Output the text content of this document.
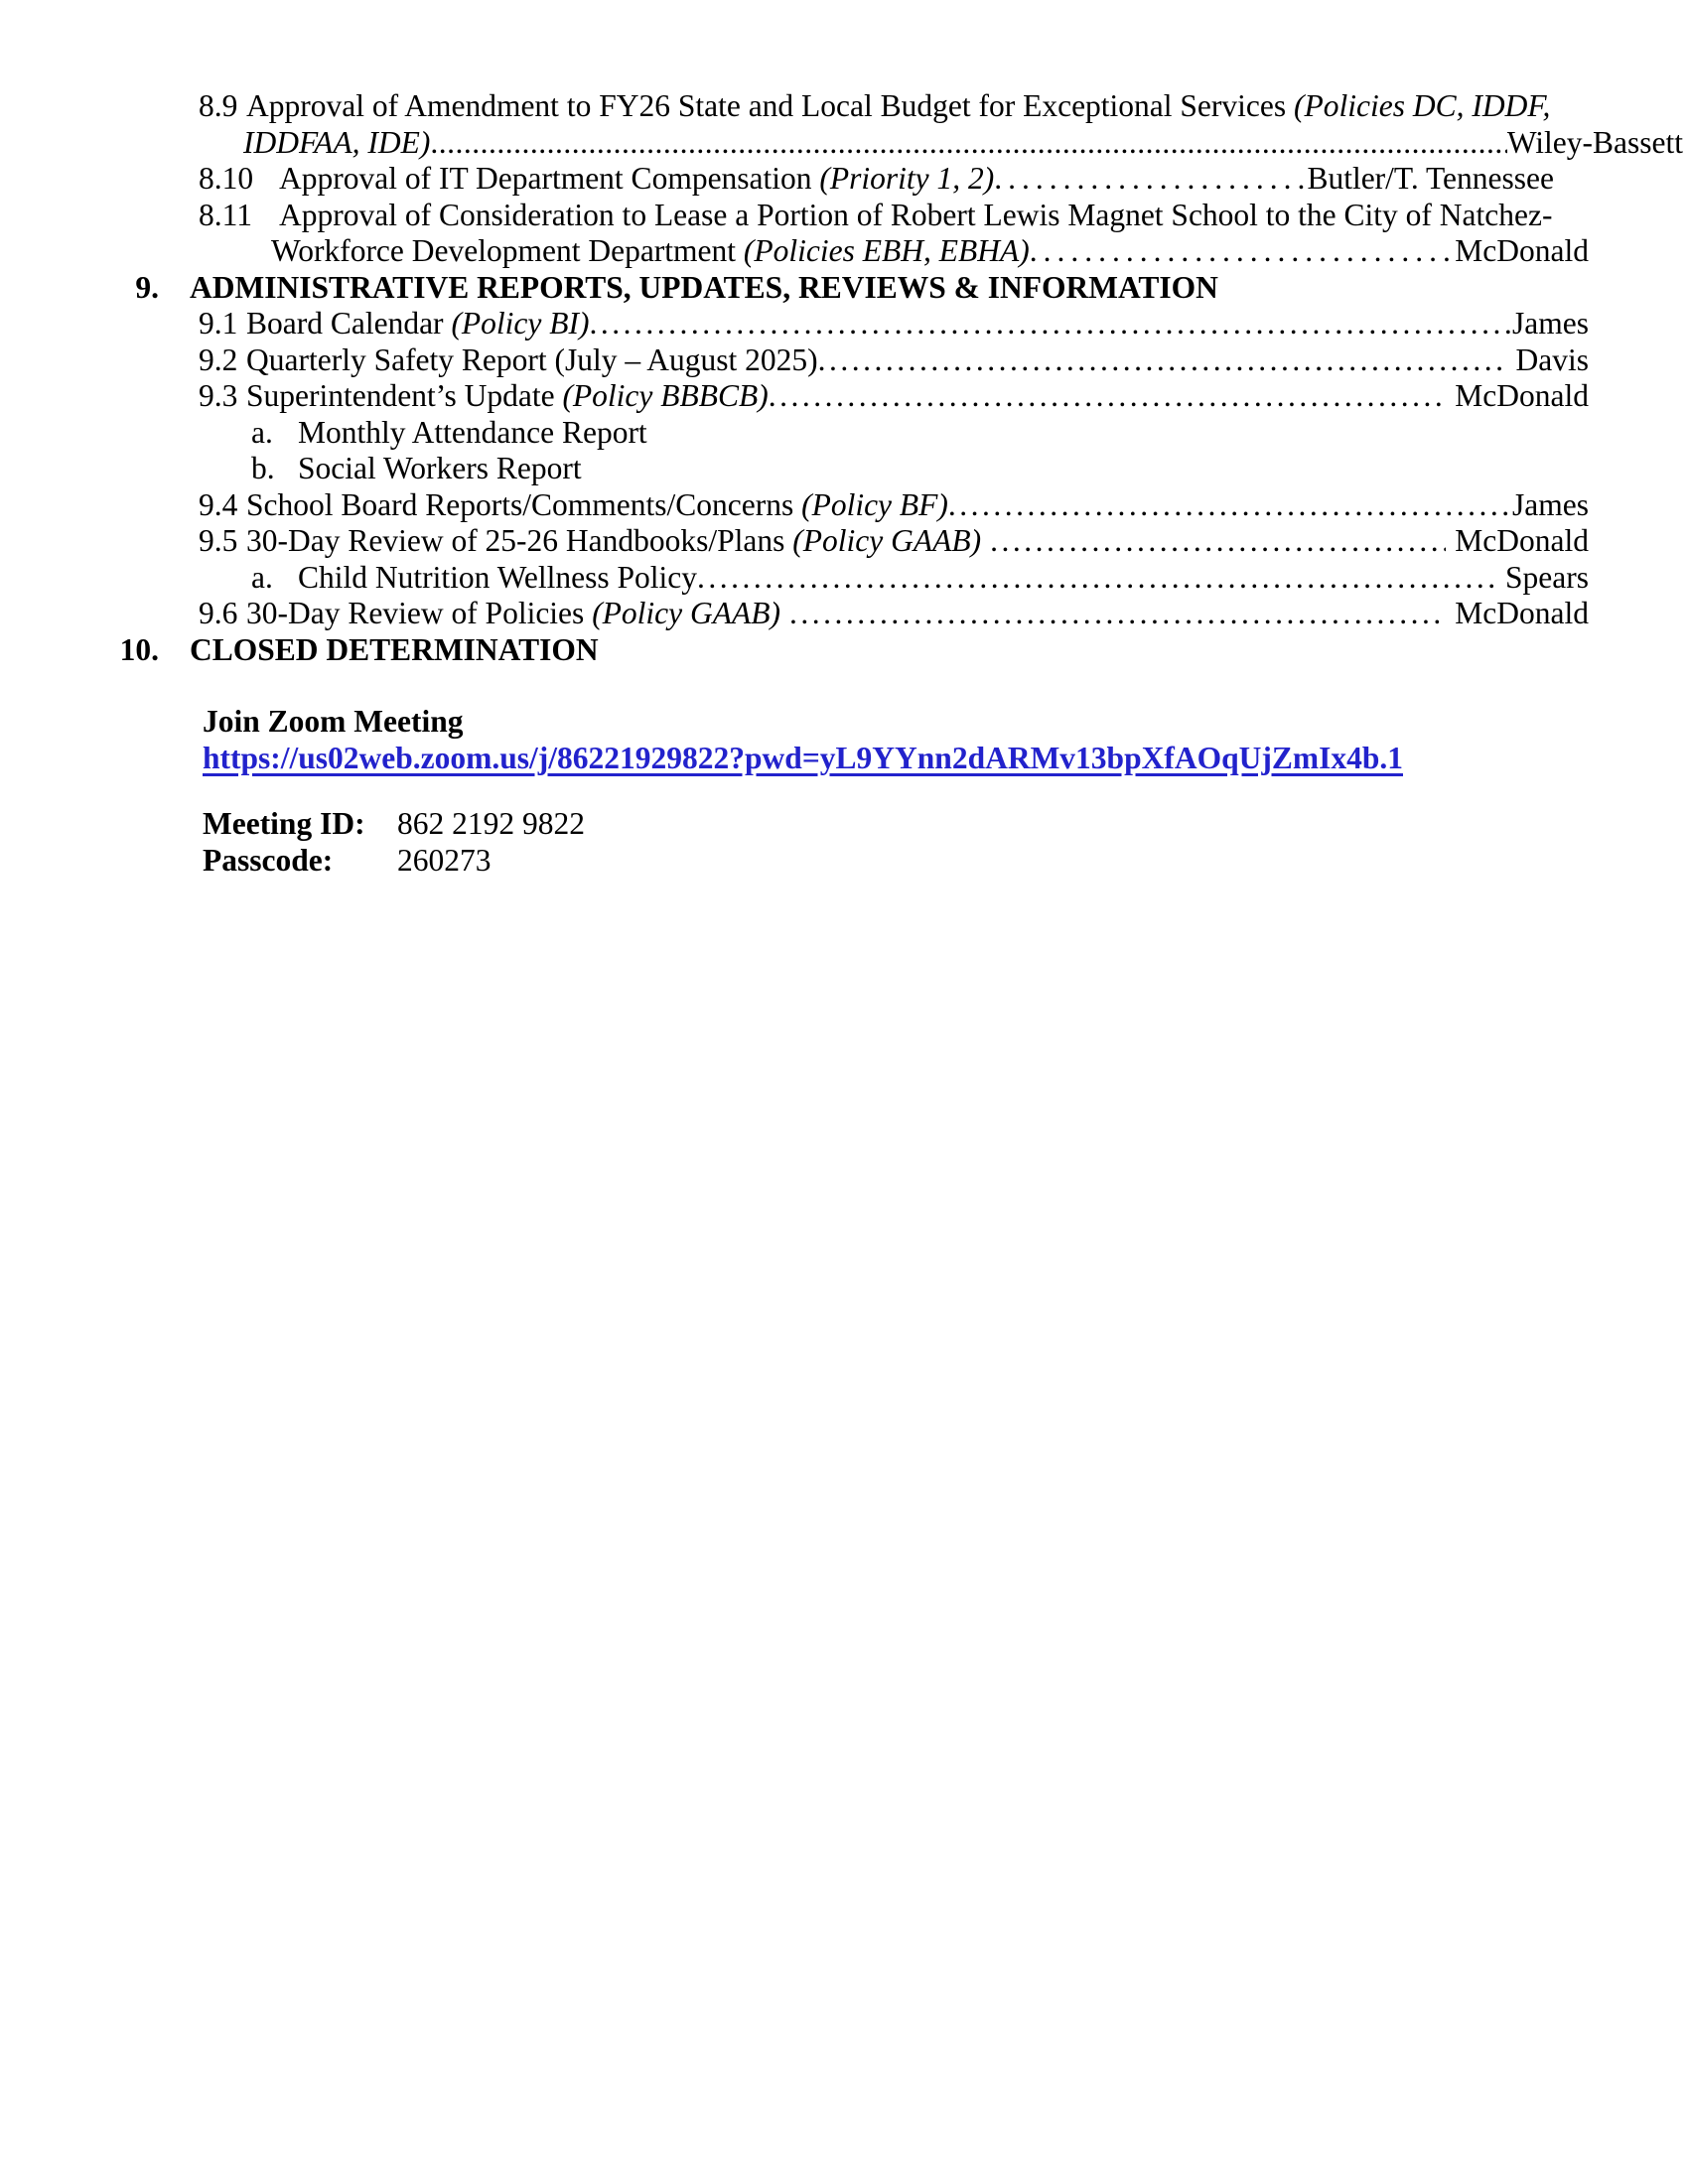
8.9 Approval of Amendment to FY26 State and Local Budget for Exceptional Services (Policies DC, IDDF,
IDDFAA, IDE) .....	Wiley-Bassett
8.10 Approval of IT Department Compensation (Priority 1, 2) .....	Butler/T. Tennessee
8.11 Approval of Consideration to Lease a Portion of Robert Lewis Magnet School to the City of Natchez-
Workforce Development Department (Policies EBH, EBHA) .....	McDonald
9. ADMINISTRATIVE REPORTS, UPDATES, REVIEWS & INFORMATION
9.1 Board Calendar (Policy BI) .....	James
9.2 Quarterly Safety Report (July – August 2025) .....	Davis
9.3 Superintendent’s Update (Policy BBBCB) .....	McDonald
a. Monthly Attendance Report
b. Social Workers Report
9.4 School Board Reports/Comments/Concerns (Policy BF) .....	James
9.5 30-Day Review of 25-26 Handbooks/Plans (Policy GAAB) .....	McDonald
a. Child Nutrition Wellness Policy .....	Spears
9.6 30-Day Review of Policies (Policy GAAB) .....	McDonald
10. CLOSED DETERMINATION
Join Zoom Meeting
https://us02web.zoom.us/j/86221929822?pwd=yL9YYnn2dARMv13bpXfAOqUjZmIx4b.1
Meeting ID: 862 2192 9822
Passcode: 260273
